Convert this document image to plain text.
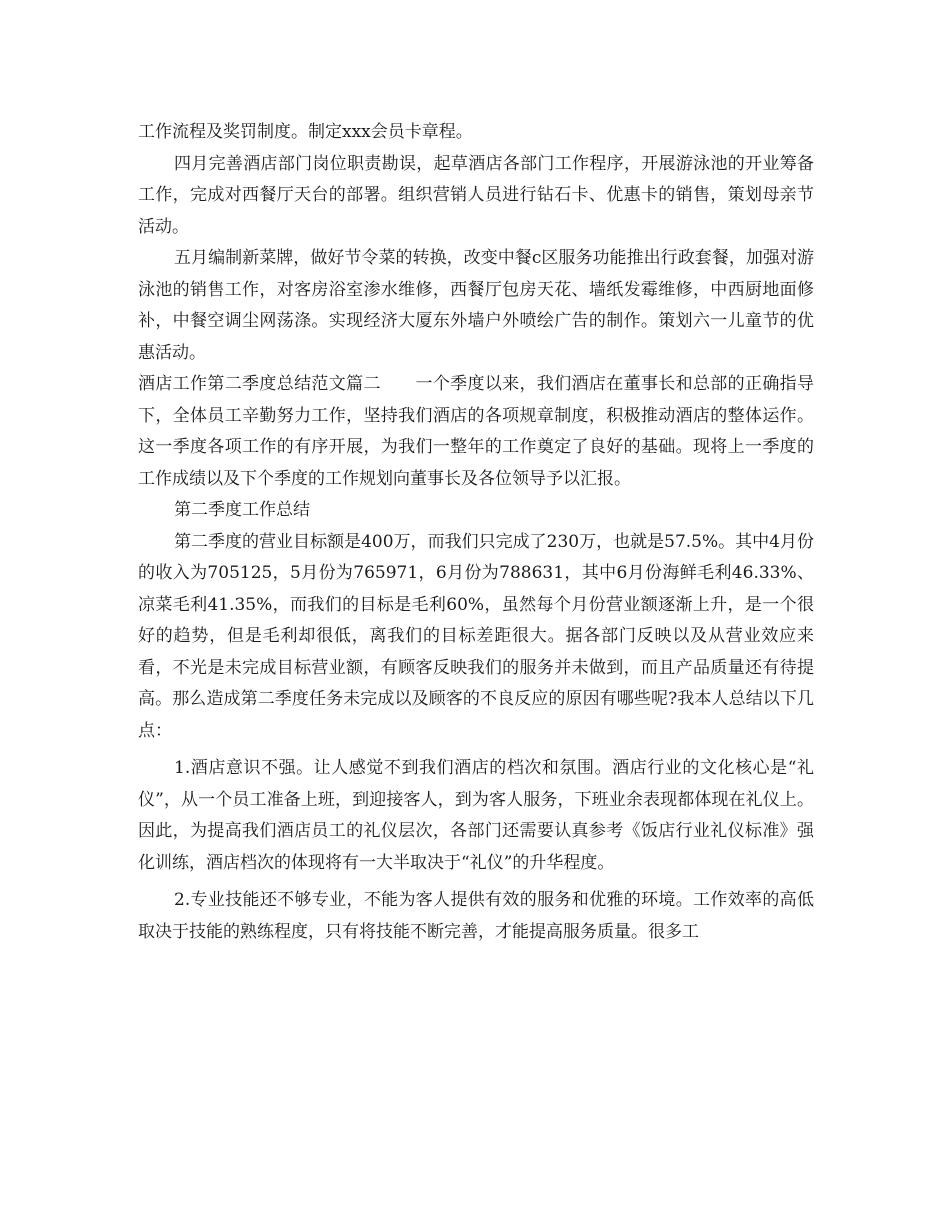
工作流程及奖罚制度。制定xxx会员卡章程。

四月完善酒店部门岗位职责勘误，起草酒店各部门工作程序，开展游泳池的开业筹备工作，完成对西餐厅天台的部署。组织营销人员进行钻石卡、优惠卡的销售，策划母亲节活动。

五月编制新菜牌，做好节令菜的转换，改变中餐c区服务功能推出行政套餐，加强对游泳池的销售工作，对客房浴室渗水维修，西餐厅包房天花、墙纸发霉维修，中西厨地面修补，中餐空调尘网荡涤。实现经济大厦东外墙户外喷绘广告的制作。策划六一儿童节的优惠活动。

酒店工作第二季度总结范文篇二　　一个季度以来，我们酒店在董事长和总部的正确指导下，全体员工辛勤努力工作，坚持我们酒店的各项规章制度，积极推动酒店的整体运作。这一季度各项工作的有序开展，为我们一整年的工作奠定了良好的基础。现将上一季度的工作成绩以及下个季度的工作规划向董事长及各位领导予以汇报。

第二季度工作总结

第二季度的营业目标额是400万，而我们只完成了230万，也就是57.5%。其中4月份的收入为705125，5月份为765971，6月份为788631，其中6月份海鲜毛利46.33%、凉菜毛利41.35%，而我们的目标是毛利60%，虽然每个月份营业额逐渐上升，是一个很好的趋势，但是毛利却很低，离我们的目标差距很大。据各部门反映以及从营业效应来看，不光是未完成目标营业额，有顾客反映我们的服务并未做到，而且产品质量还有待提高。那么造成第二季度任务未完成以及顾客的不良反应的原因有哪些呢?我本人总结以下几点：

1.酒店意识不强。让人感觉不到我们酒店的档次和氛围。酒店行业的文化核心是“礼仪”，从一个员工准备上班，到迎接客人，到为客人服务，下班业余表现都体现在礼仪上。因此，为提高我们酒店员工的礼仪层次，各部门还需要认真参考《饭店行业礼仪标准》强化训练，酒店档次的体现将有一大半取决于“礼仪”的升华程度。

2.专业技能还不够专业，不能为客人提供有效的服务和优雅的环境。工作效率的高低取决于技能的熟练程度，只有将技能不断完善，才能提高服务质量。很多工
